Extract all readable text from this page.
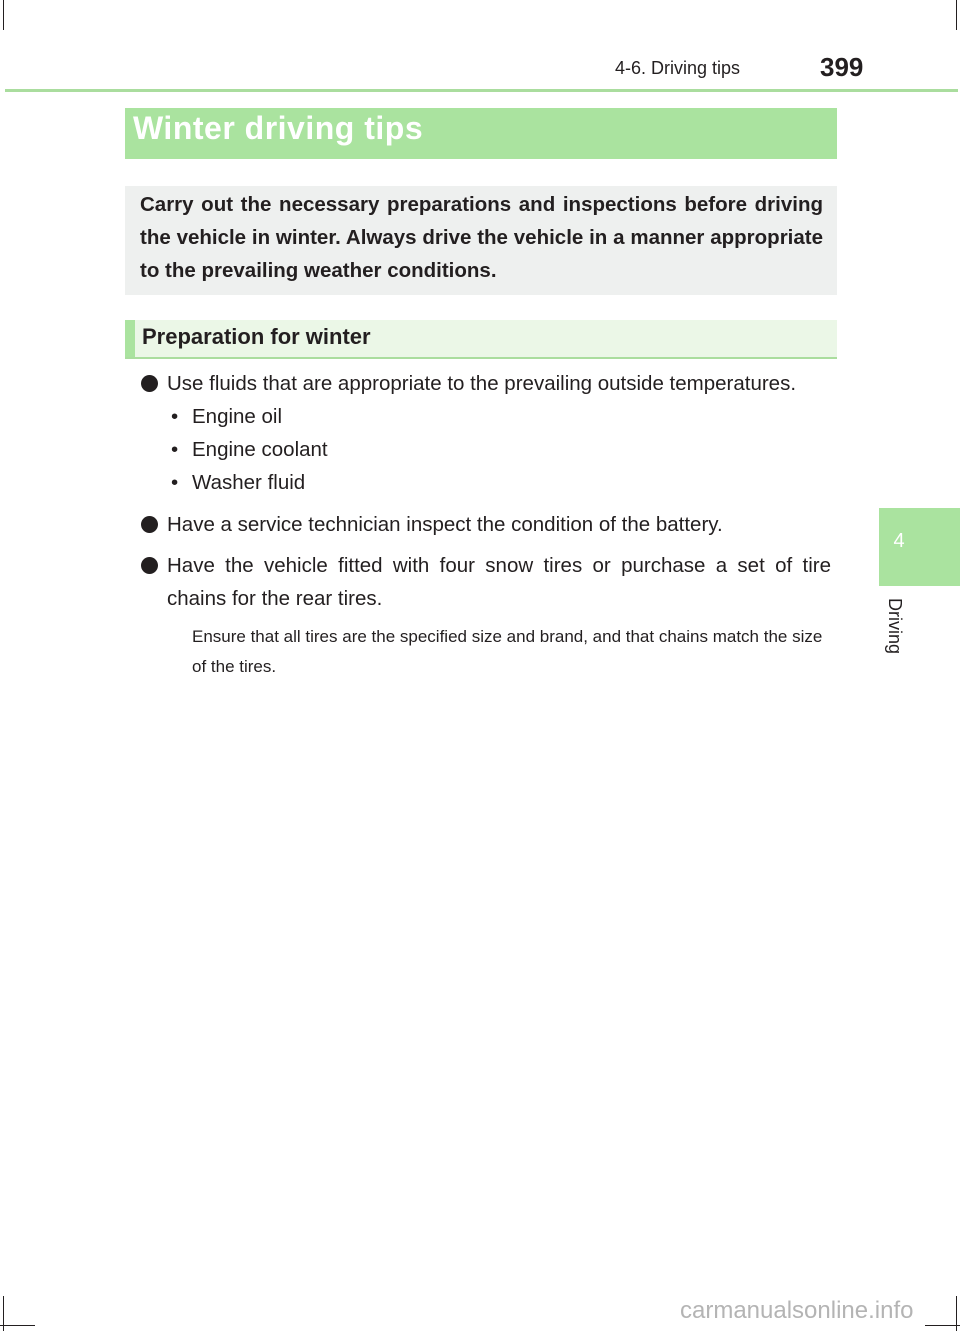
4-6. Driving tips	399
Winter driving tips

Carry out the necessary preparations and inspections before driving the vehicle in winter. Always drive the vehicle in a manner appropriate to the prevailing weather conditions.

Preparation for winter
Use fluids that are appropriate to the prevailing outside temperatures.
• Engine oil
• Engine coolant
• Washer fluid
Have a service technician inspect the condition of the battery.
Have the vehicle fitted with four snow tires or purchase a set of tire chains for the rear tires.

Ensure that all tires are the specified size and brand, and that chains match the size of the tires.

4
Driving
carmanualsonline.info
